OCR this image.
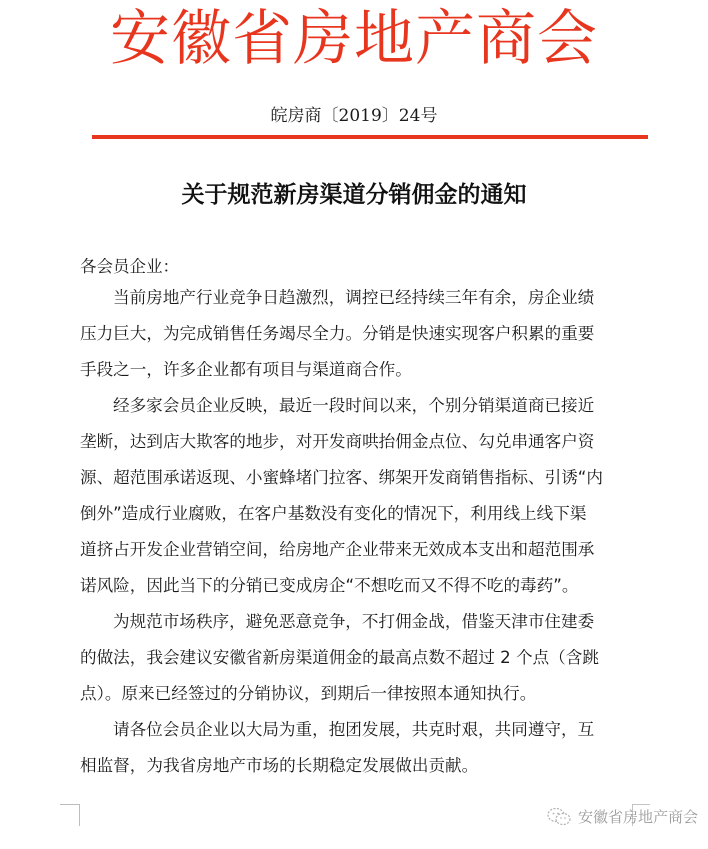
安徽省房地产商会
皖房商〔2019〕24号
关于规范新房渠道分销佣金的通知
各会员企业：
当前房地产行业竞争日趋激烈，调控已经持续三年有余，房企业绩
压力巨大，为完成销售任务竭尽全力。分销是快速实现客户积累的重要
手段之一，许多企业都有项目与渠道商合作。
经多家会员企业反映，最近一段时间以来，个别分销渠道商已接近
垄断，达到店大欺客的地步，对开发商哄抬佣金点位、勾兑串通客户资
源、超范围承诺返现、小蜜蜂堵门拉客、绑架开发商销售指标、引诱“内
倒外”造成行业腐败，在客户基数没有变化的情况下，利用线上线下渠
道挤占开发企业营销空间，给房地产企业带来无效成本支出和超范围承
诺风险，因此当下的分销已变成房企“不想吃而又不得不吃的毒药”。
为规范市场秩序，避免恶意竞争，不打佣金战，借鉴天津市住建委
的做法，我会建议安徽省新房渠道佣金的最高点数不超过 2 个点（含跳
点）。原来已经签过的分销协议，到期后一律按照本通知执行。
请各位会员企业以大局为重，抱团发展，共克时艰，共同遵守，互
相监督，为我省房地产市场的长期稳定发展做出贡献。
安徽省房地产商会
